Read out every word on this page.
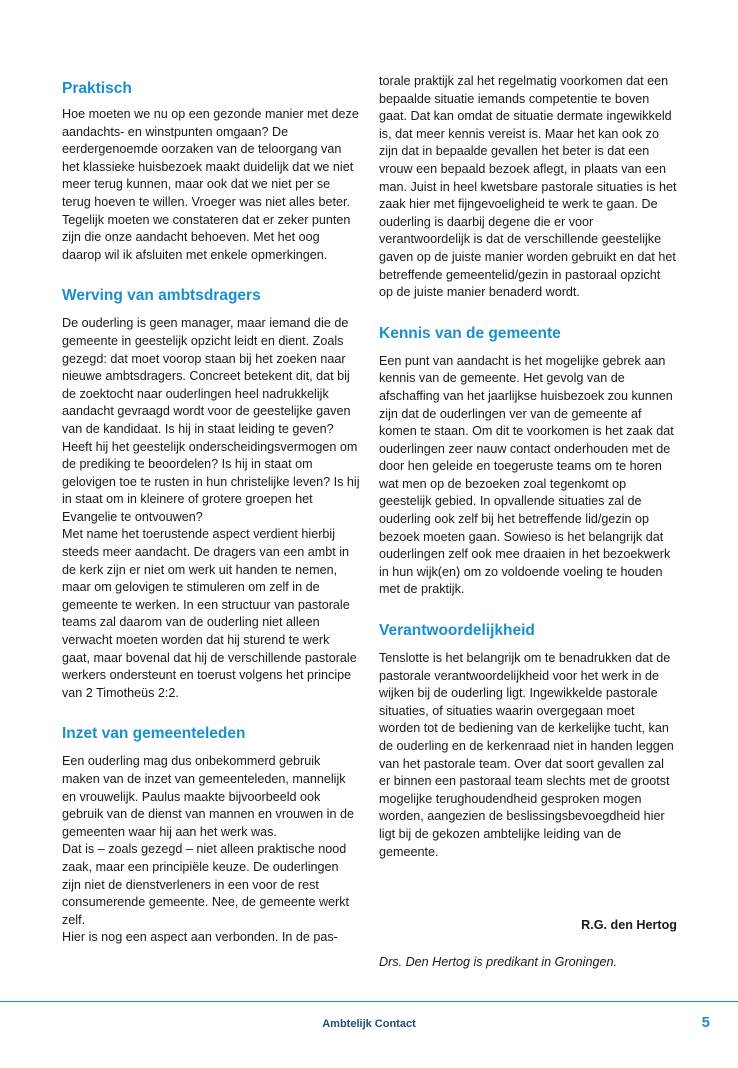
Praktisch

Hoe moeten we nu op een gezonde manier met deze aandachts- en winstpunten omgaan? De eerdergenoemde oorzaken van de teloorgang van het klassieke huisbezoek maakt duidelijk dat we niet meer terug kunnen, maar ook dat we niet per se terug hoeven te willen. Vroeger was niet alles beter. Tegelijk moeten we constateren dat er zeker punten zijn die onze aandacht behoeven. Met het oog daarop wil ik afsluiten met enkele opmerkingen.

Werving van ambtsdragers

De ouderling is geen manager, maar iemand die de gemeente in geestelijk opzicht leidt en dient. Zoals gezegd: dat moet voorop staan bij het zoeken naar nieuwe ambtsdragers. Concreet betekent dit, dat bij de zoektocht naar ouderlingen heel nadrukkelijk aandacht gevraagd wordt voor de geestelijke gaven van de kandidaat. Is hij in staat leiding te geven? Heeft hij het geestelijk onderscheidingsvermogen om de prediking te beoordelen? Is hij in staat om gelovigen toe te rusten in hun christelijke leven? Is hij in staat om in kleinere of grotere groepen het Evangelie te ontvouwen?

Met name het toerustende aspect verdient hierbij steeds meer aandacht. De dragers van een ambt in de kerk zijn er niet om werk uit handen te nemen, maar om gelovigen te stimuleren om zelf in de gemeente te werken. In een structuur van pastorale teams zal daarom van de ouderling niet alleen verwacht moeten worden dat hij sturend te werk gaat, maar bovenal dat hij de verschillende pastorale werkers ondersteunt en toerust volgens het principe van 2 Timotheüs 2:2.

Inzet van gemeenteleden

Een ouderling mag dus onbekommerd gebruik maken van de inzet van gemeenteleden, mannelijk en vrouwelijk. Paulus maakte bijvoorbeeld ook gebruik van de dienst van mannen en vrouwen in de gemeenten waar hij aan het werk was.

Dat is – zoals gezegd – niet alleen praktische nood zaak, maar een principiële keuze. De ouderlingen zijn niet de dienstverleners in een voor de rest consumerende gemeente. Nee, de gemeente werkt zelf.

Hier is nog een aspect aan verbonden. In de pas-

torale praktijk zal het regelmatig voorkomen dat een bepaalde situatie iemands competentie te boven gaat. Dat kan omdat de situatie dermate ingewikkeld is, dat meer kennis vereist is. Maar het kan ook zo zijn dat in bepaalde gevallen het beter is dat een vrouw een bepaald bezoek aflegt, in plaats van een man. Juist in heel kwetsbare pastorale situaties is het zaak hier met fijngevoeligheid te werk te gaan. De ouderling is daarbij degene die er voor verantwoordelijk is dat de verschillende geestelijke gaven op de juiste manier worden gebruikt en dat het betreffende gemeentelid/gezin in pastoraal opzicht op de juiste manier benaderd wordt.

Kennis van de gemeente

Een punt van aandacht is het mogelijke gebrek aan kennis van de gemeente. Het gevolg van de afschaffing van het jaarlijkse huisbezoek zou kunnen zijn dat de ouderlingen ver van de gemeente af komen te staan. Om dit te voorkomen is het zaak dat ouderlingen zeer nauw contact onderhouden met de door hen geleide en toegeruste teams om te horen wat men op de bezoeken zoal tegenkomt op geestelijk gebied. In opvallende situaties zal de ouderling ook zelf bij het betreffende lid/gezin op bezoek moeten gaan. Sowieso is het belangrijk dat ouderlingen zelf ook mee draaien in het bezoekwerk in hun wijk(en) om zo voldoende voeling te houden met de praktijk.

Verantwoordelijkheid

Tenslotte is het belangrijk om te benadrukken dat de pastorale verantwoordelijkheid voor het werk in de wijken bij de ouderling ligt. Ingewikkelde pastorale situaties, of situaties waarin overgegaan moet worden tot de bediening van de kerkelijke tucht, kan de ouderling en de kerkenraad niet in handen leggen van het pastorale team. Over dat soort gevallen zal er binnen een pastoraal team slechts met de grootst mogelijke terughoudendheid gesproken mogen worden, aangezien de beslissingsbevoegdheid hier ligt bij de gekozen ambtelijke leiding van de gemeente.

R.G. den Hertog
Drs. Den Hertog is predikant in Groningen.
Ambtelijk Contact	5
